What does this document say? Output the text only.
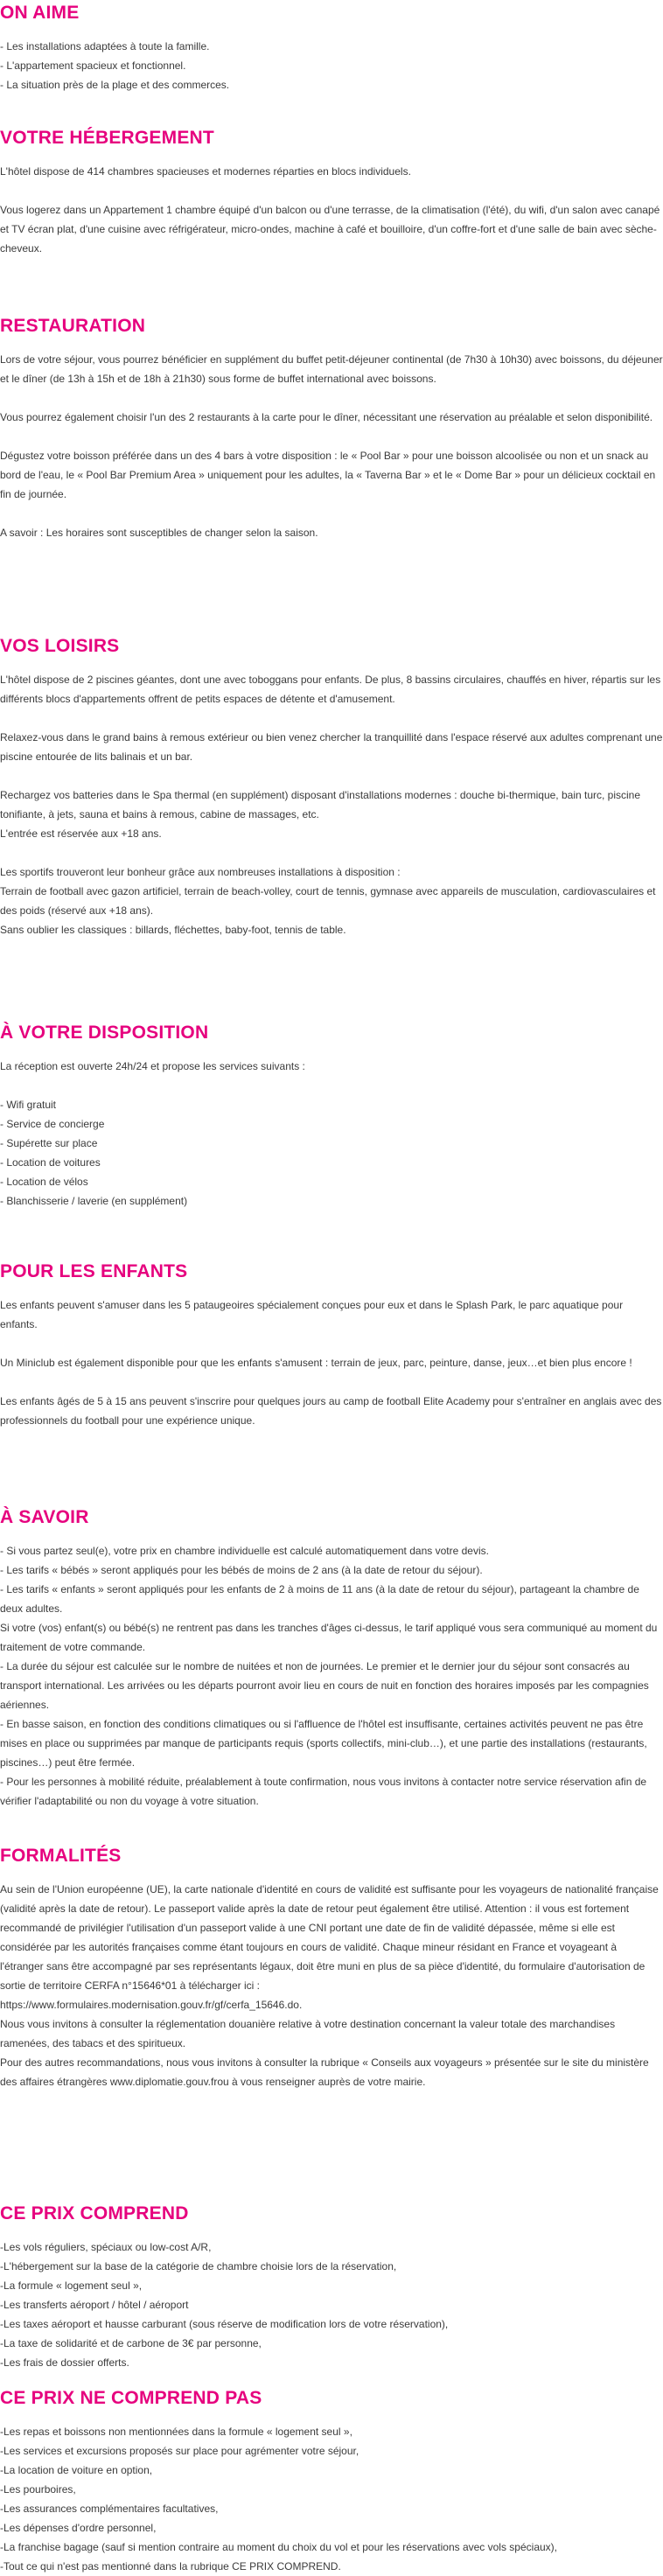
ON AIME

- Les installations adaptées à toute la famille.

- L'appartement spacieux et fonctionnel.

- La situation près de la plage et des commerces.

VOTRE HÉBERGEMENT

L'hôtel dispose de 414 chambres spacieuses et modernes réparties en blocs individuels.

Vous logerez dans un Appartement 1 chambre équipé d'un balcon ou d'une terrasse, de la climatisation (l'été), du wifi, d'un salon avec canapé et TV écran plat, d'une cuisine avec réfrigérateur, micro-ondes, machine à café et bouilloire, d'un coffre-fort et d'une salle de bain avec sèche-cheveux.

RESTAURATION

Lors de votre séjour, vous pourrez bénéficier en supplément du buffet petit-déjeuner continental (de 7h30 à 10h30) avec boissons, du déjeuner et le dîner (de 13h à 15h et de 18h à 21h30) sous forme de buffet international avec boissons.

Vous pourrez également choisir l'un des 2 restaurants à la carte pour le dîner, nécessitant une réservation au préalable et selon disponibilité.

Dégustez votre boisson préférée dans un des 4 bars à votre disposition : le « Pool Bar » pour une boisson alcoolisée ou non et un snack au bord de l'eau, le « Pool Bar Premium Area » uniquement pour les adultes, la « Taverna Bar » et le « Dome Bar » pour un délicieux cocktail en fin de journée.

A savoir : Les horaires sont susceptibles de changer selon la saison.

VOS LOISIRS

L'hôtel dispose de 2 piscines géantes, dont une avec toboggans pour enfants. De plus, 8 bassins circulaires, chauffés en hiver, répartis sur les différents blocs d'appartements offrent de petits espaces de détente et d'amusement.

Relaxez-vous dans le grand bains à remous extérieur ou bien venez chercher la tranquillité dans l'espace réservé aux adultes comprenant une piscine entourée de lits balinais et un bar.

Rechargez vos batteries dans le Spa thermal (en supplément) disposant d'installations modernes : douche bi-thermique, bain turc, piscine tonifiante, à jets, sauna et bains à remous, cabine de massages, etc.

L'entrée est réservée aux +18 ans.

Les sportifs trouveront leur bonheur grâce aux nombreuses installations à disposition :

Terrain de football avec gazon artificiel, terrain de beach-volley, court de tennis, gymnase avec appareils de musculation, cardiovasculaires et des poids (réservé aux +18 ans).

Sans oublier les classiques : billards, fléchettes, baby-foot, tennis de table.

À VOTRE DISPOSITION

La réception est ouverte 24h/24 et propose les services suivants :

- Wifi gratuit

- Service de concierge

- Supérette sur place

- Location de voitures

- Location de vélos

- Blanchisserie / laverie (en supplément)

POUR LES ENFANTS

Les enfants peuvent s'amuser dans les 5 pataugeoires spécialement conçues pour eux et dans le Splash Park, le parc aquatique pour enfants.

Un Miniclub est également disponible pour que les enfants s'amusent : terrain de jeux, parc, peinture, danse, jeux…et bien plus encore !

Les enfants âgés de 5 à 15 ans peuvent s'inscrire pour quelques jours au camp de football Elite Academy pour s'entraîner en anglais avec des professionnels du football pour une expérience unique.

À SAVOIR

- Si vous partez seul(e), votre prix en chambre individuelle est calculé automatiquement dans votre devis.

- Les tarifs « bébés » seront appliqués pour les bébés de moins de 2 ans (à la date de retour du séjour).

- Les tarifs « enfants » seront appliqués pour les enfants de 2 à moins de 11 ans (à la date de retour du séjour), partageant la chambre de deux adultes.

Si votre (vos) enfant(s) ou bébé(s) ne rentrent pas dans les tranches d'âges ci-dessus, le tarif appliqué vous sera communiqué au moment du traitement de votre commande.

- La durée du séjour est calculée sur le nombre de nuitées et non de journées. Le premier et le dernier jour du séjour sont consacrés au transport international. Les arrivées ou les départs pourront avoir lieu en cours de nuit en fonction des horaires imposés par les compagnies aériennes.

- En basse saison, en fonction des conditions climatiques ou si l'affluence de l'hôtel est insuffisante, certaines activités peuvent ne pas être mises en place ou supprimées par manque de participants requis (sports collectifs, mini-club…), et une partie des installations (restaurants, piscines…) peut être fermée.

- Pour les personnes à mobilité réduite, préalablement à toute confirmation, nous vous invitons à contacter notre service réservation afin de vérifier l'adaptabilité ou non du voyage à votre situation.

FORMALITÉS

Au sein de l'Union européenne (UE), la carte nationale d'identité en cours de validité est suffisante pour les voyageurs de nationalité française (validité après la date de retour). Le passeport valide après la date de retour peut également être utilisé. Attention : il vous est fortement recommandé de privilégier l'utilisation d'un passeport valide à une CNI portant une date de fin de validité dépassée, même si elle est considérée par les autorités françaises comme étant toujours en cours de validité. Chaque mineur résidant en France et voyageant à l'étranger sans être accompagné par ses représentants légaux, doit être muni en plus de sa pièce d'identité, du formulaire d'autorisation de sortie de territoire CERFA n°15646*01 à télécharger ici :

https://www.formulaires.modernisation.gouv.fr/gf/cerfa_15646.do.

Nous vous invitons à consulter la réglementation douanière relative à votre destination concernant la valeur totale des marchandises ramenées, des tabacs et des spiritueux.

Pour des autres recommandations, nous vous invitons à consulter la rubrique « Conseils aux voyageurs » présentée sur le site du ministère des affaires étrangères www.diplomatie.gouv.frou à vous renseigner auprès de votre mairie.

CE PRIX COMPREND

-Les vols réguliers, spéciaux ou low-cost A/R,

-L'hébergement sur la base de la catégorie de chambre choisie lors de la réservation,

-La formule « logement seul »,

-Les transferts aéroport / hôtel / aéroport

-Les taxes aéroport et hausse carburant (sous réserve de modification lors de votre réservation),

-La taxe de solidarité et de carbone de 3€ par personne,

-Les frais de dossier offerts.

CE PRIX NE COMPREND PAS

-Les repas et boissons non mentionnées dans la formule « logement seul »,

-Les services et excursions proposés sur place pour agrémenter votre séjour,

-La location de voiture en option,

-Les pourboires,

-Les assurances complémentaires facultatives,

-Les dépenses d'ordre personnel,

-La franchise bagage (sauf si mention contraire au moment du choix du vol et pour les réservations avec vols spéciaux),

-Tout ce qui n'est pas mentionné dans la rubrique CE PRIX COMPREND.
